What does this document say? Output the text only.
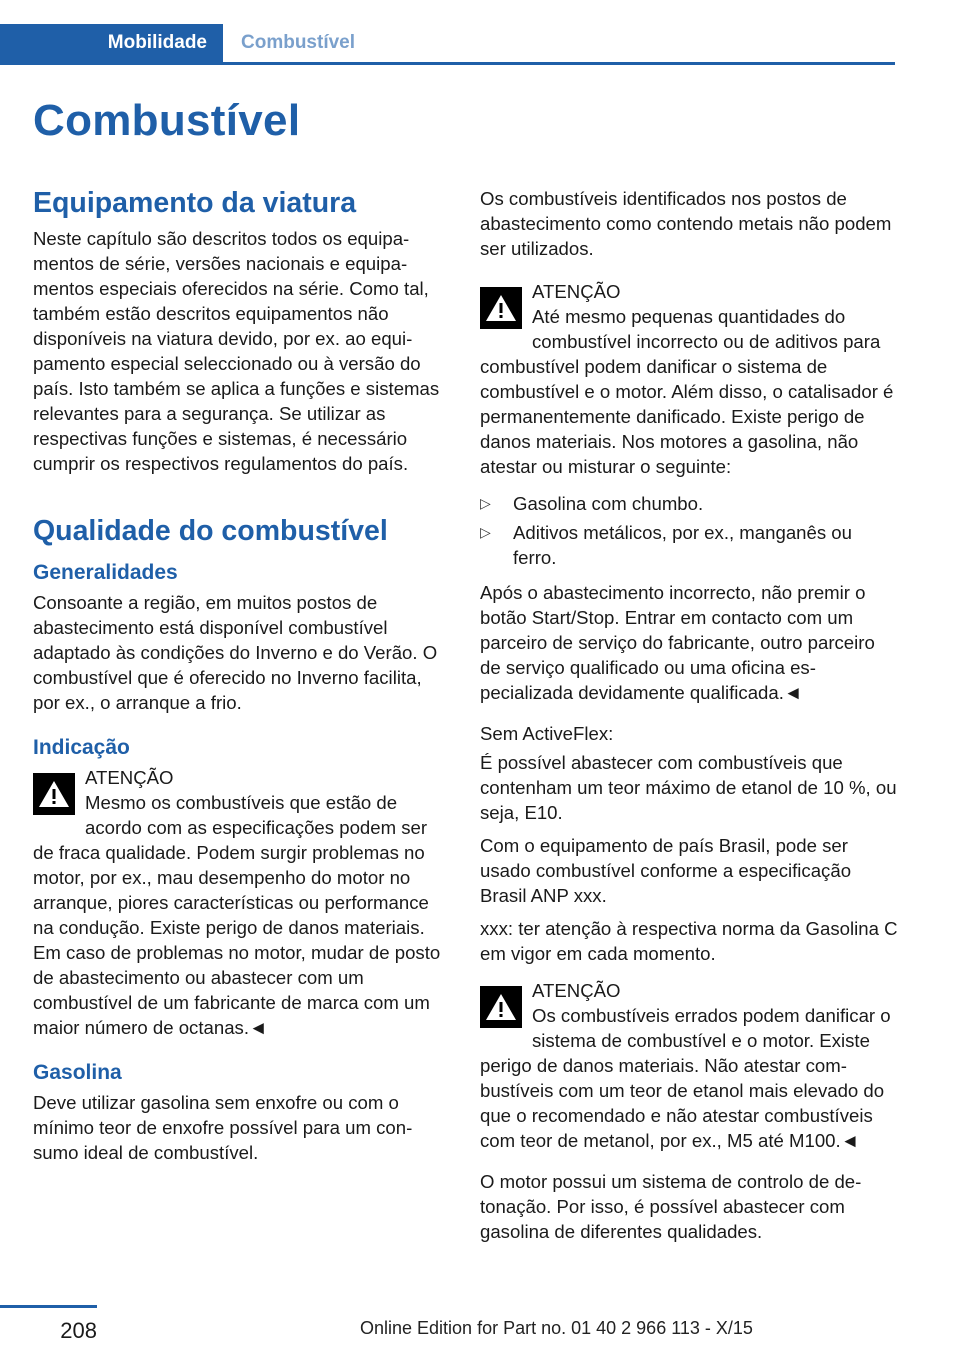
Mobilidade Combustível
Combustível
Equipamento da viatura

Neste capítulo são descritos todos os equipamentos de série, versões nacionais e equipamentos especiais oferecidos na série. Como tal, também estão descritos equipamentos não disponíveis na viatura devido, por ex. ao equipamento especial seleccionado ou à versão do país. Isto também se aplica a funções e sistemas relevantes para a segurança. Se utilizar as respectivas funções e sistemas, é necessário cumprir os respectivos regulamentos do país.

Qualidade do combustível
Generalidades

Consoante a região, em muitos postos de abastecimento está disponível combustível adaptado às condições do Inverno e do Verão. O combustível que é oferecido no Inverno facilita, por ex., o arranque a frio.

Indicação
ATENÇÃO
Mesmo os combustíveis que estão de acordo com as especificações podem ser de fraca qualidade. Podem surgir problemas no motor, por ex., mau desempenho do motor no arranque, piores características ou performance na condução. Existe perigo de danos materiais. Em caso de problemas no motor, mudar de posto de abastecimento ou abastecer com um combustível de um fabricante de marca com um maior número de octanas.◄
Gasolina

Deve utilizar gasolina sem enxofre ou com o mínimo teor de enxofre possível para um consumo ideal de combustível.

Os combustíveis identificados nos postos de abastecimento como contendo metais não podem ser utilizados.

ATENÇÃO
Até mesmo pequenas quantidades do combustível incorrecto ou de aditivos para combustível podem danificar o sistema de combustível e o motor. Além disso, o catalisador é permanentemente danificado. Existe perigo de danos materiais. Nos motores a gasolina, não atestar ou misturar o seguinte:
▷ Gasolina com chumbo.
▷ Aditivos metálicos, por ex., manganês ou ferro.

Após o abastecimento incorrecto, não premir o botão Start/Stop. Entrar em contacto com um parceiro de serviço do fabricante, outro parceiro de serviço qualificado ou uma oficina especializada devidamente qualificada.◄

Sem ActiveFlex:

É possível abastecer com combustíveis que contenham um teor máximo de etanol de 10 %, ou seja, E10.

Com o equipamento de país Brasil, pode ser usado combustível conforme a especificação Brasil ANP xxx.

xxx: ter atenção à respectiva norma da Gasolina C em vigor em cada momento.

ATENÇÃO
Os combustíveis errados podem danificar o sistema de combustível e o motor. Existe perigo de danos materiais. Não atestar combustíveis com um teor de etanol mais elevado do que o recomendado e não atestar combustíveis com teor de metanol, por ex., M5 até M100.◄

O motor possui um sistema de controlo de detonação. Por isso, é possível abastecer com gasolina de diferentes qualidades.

208	Online Edition for Part no. 01 40 2 966 113 - X/15
